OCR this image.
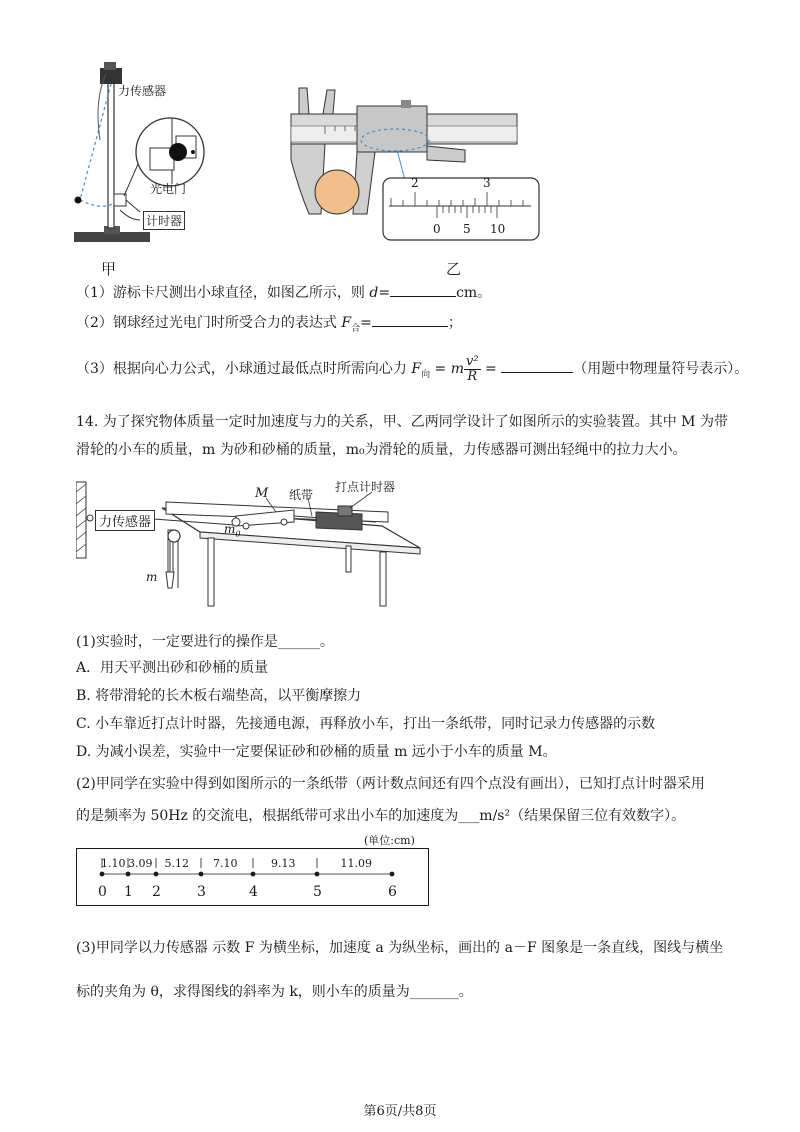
力传感器
光电门
计时器
甲
2	3
0 5 10
乙
（1）游标卡尺测出小球直径，如图乙所示，则 d=	cm。
（2）钢球经过光电门时所受合力的表达式 $F_合=$	；
（3）根据向心力公式，小球通过最低点时所需向心力 $F_向 = m \frac{\text{v²}}{R}$ =	（用题中物理量符号表示）。
14. 为了探究物体质量一定时加速度与力的关系，甲、乙两同学设计了如图所示的实验装置。其中 M 为带
滑轮的小车的质量，m 为砂和砂桶的质量，m₀为滑轮的质量，力传感器可测出轻绳中的拉力大小。
力传感器
M 纸带
打点计时器
$m_0$
m
(1)实验时，一定要进行的操作是______。
A．用天平测出砂和砂桶的质量
B. 将带滑轮的长木板右端垫高，以平衡摩擦力
C. 小车靠近打点计时器，先接通电源，再释放小车，打出一条纸带，同时记录力传感器的示数
D. 为减小误差，实验中一定要保证砂和砂桶的质量 m 远小于小车的质量 M。
(2)甲同学在实验中得到如图所示的一条纸带（两计数点间还有四个点没有画出），已知打点计时器采用
的是频率为 50Hz 的交流电，根据纸带可求出小车的加速度为___m/s²（结果保留三位有效数字）。
(单位:cm)
1.10 3.09 5.12 7.10	9.13	11.09
0 1 2	3	4	5	6
(3)甲同学以力传感器 示数 F 为横坐标，加速度 a 为纵坐标，画出的 a－F 图象是一条直线，图线与横坐
标的夹角为 θ，求得图线的斜率为 k，则小车的质量为_______。
第6页/共8页
